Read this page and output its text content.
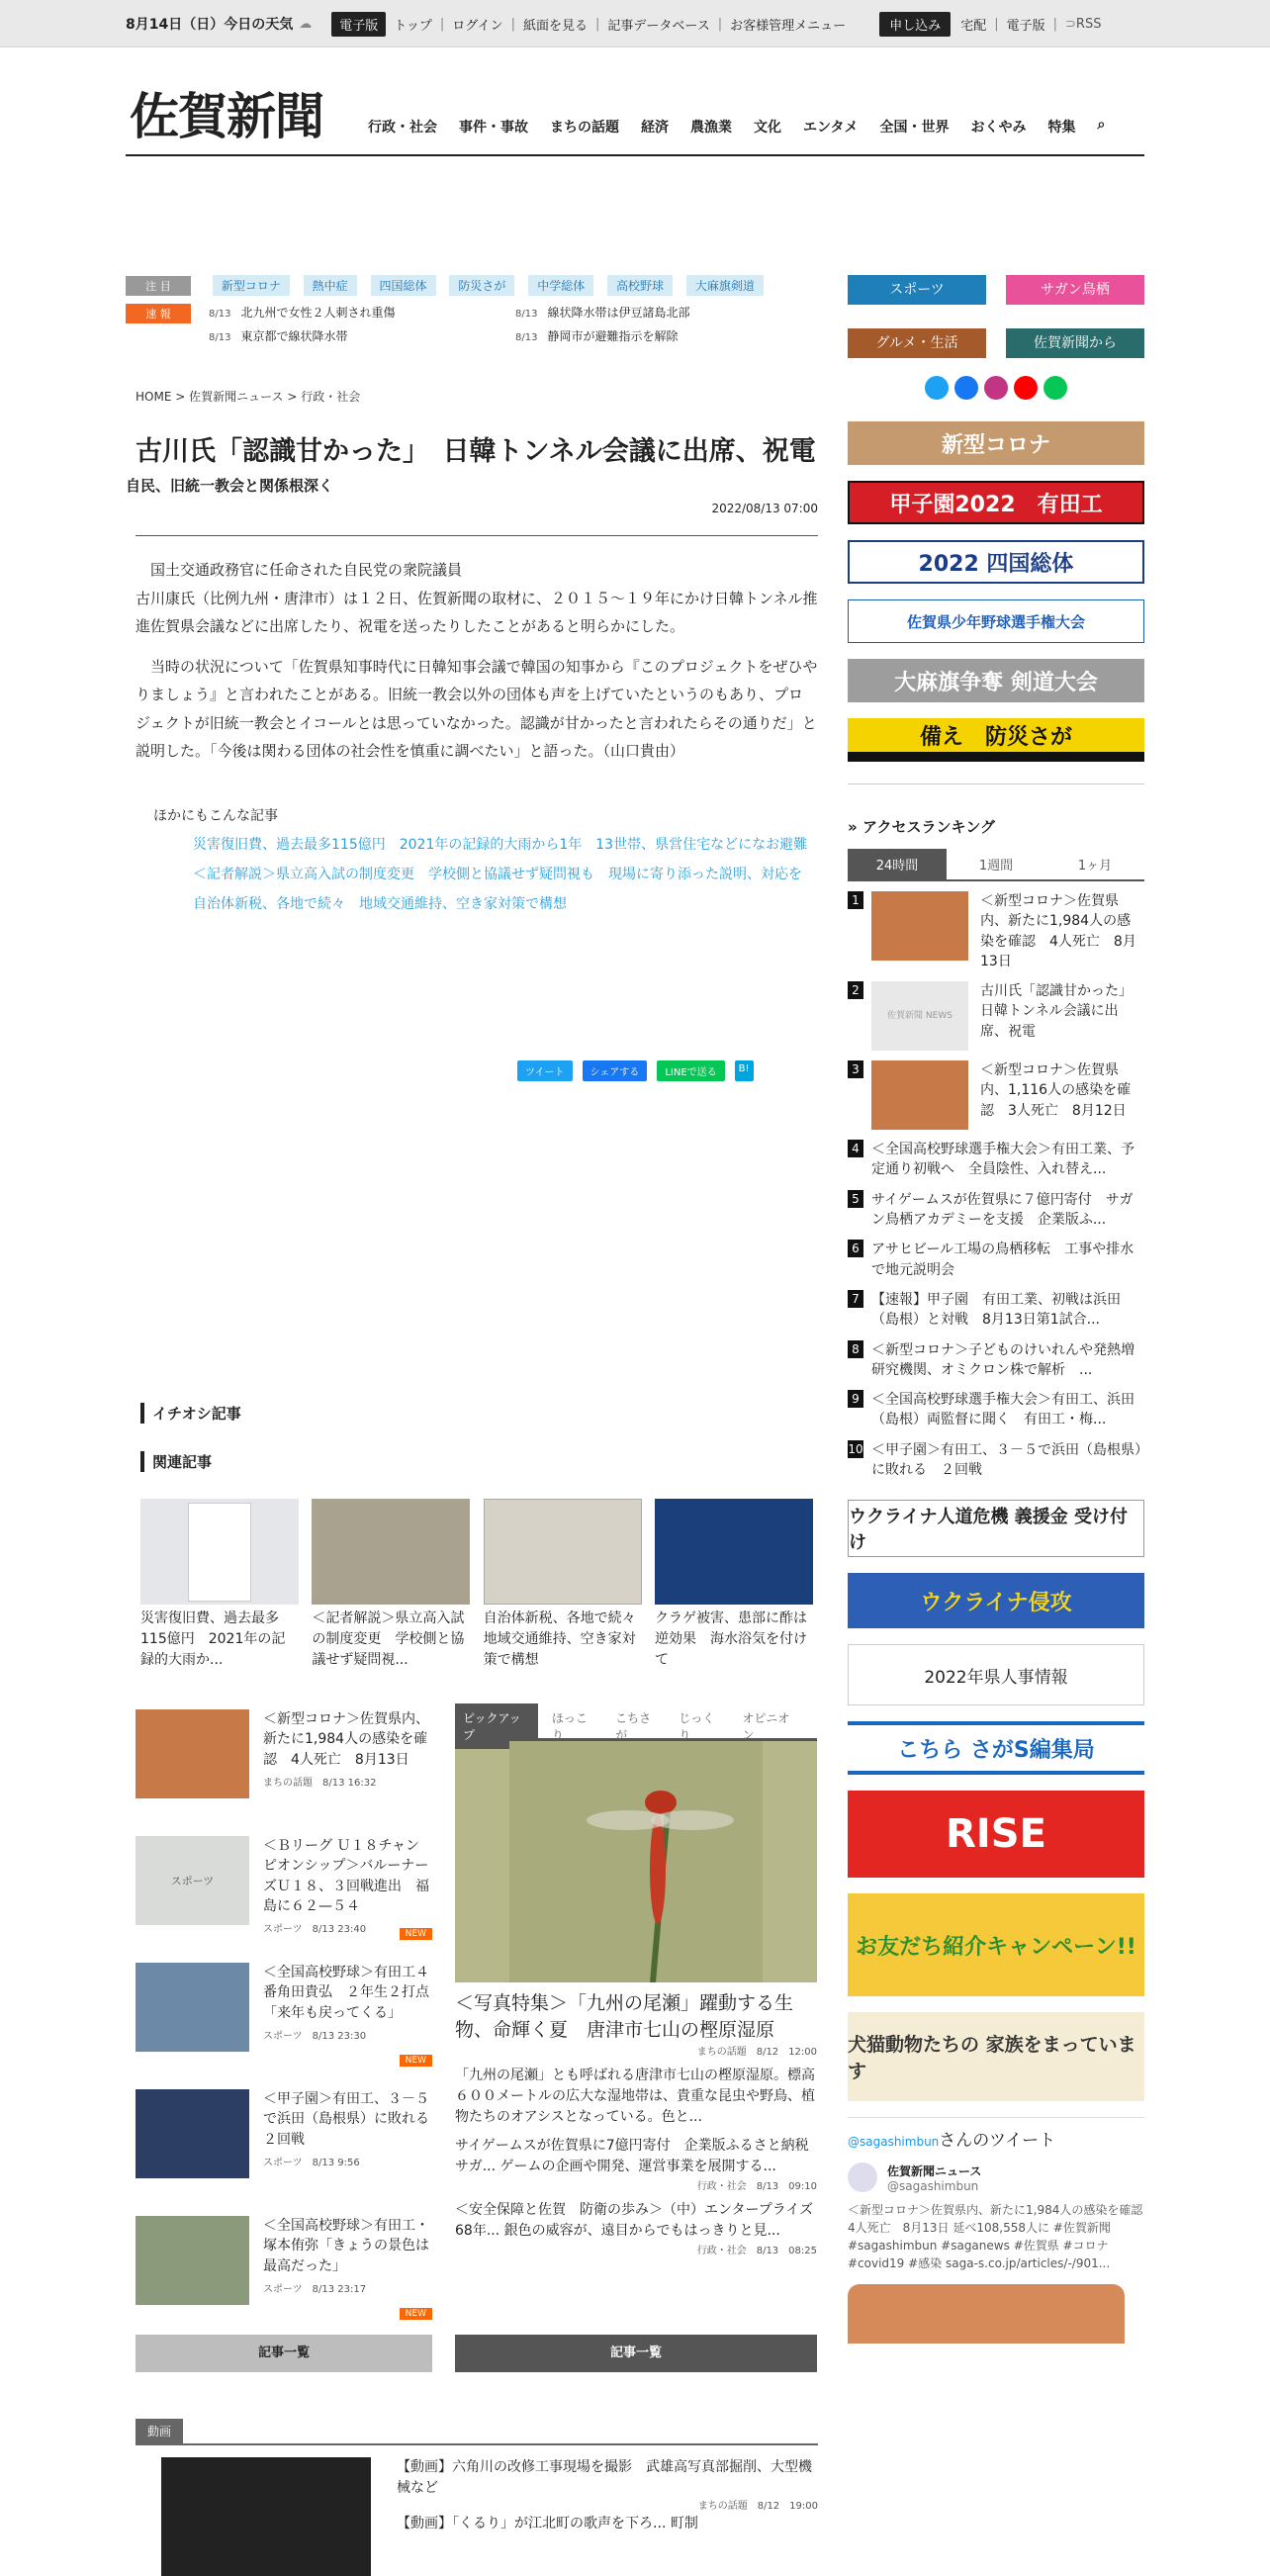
8月14日（日）今日の天気 ☁	電子版	トップ | ログイン | 紙面を見る | 記事データベース | お客様管理メニュー	申し込み	宅配 | 電子版 | ⊃ RSS
佐賀新聞	行政・社会 事件・事故 まちの話題 経済 農漁業 文化 エンタメ 全国・世界 おくやみ 特集 ⌕
注 目	新型コロナ	熱中症	四国総体	防災さが	中学総体	高校野球	大麻旗剣道
速 報	8/13 北九州で女性２人刺され重傷	8/13 線状降水帯は伊豆諸島北部
8/13 東京都で線状降水帯	8/13 静岡市が避難指示を解除
HOME > 佐賀新聞ニュース > 行政・社会
古川氏「認識甘かった」　日韓トンネル会議に出席、祝電
自民、旧統一教会と関係根深く
2022/08/13 07:00

国土交通政務官に任命された自民党の衆院議員

古川康氏（比例九州・唐津市）は１２日、佐賀新聞の取材に、２０１５～１９年にかけ日韓トンネル推進佐賀県会議などに出席したり、祝電を送ったりしたことがあると明らかにした。

当時の状況について「佐賀県知事時代に日韓知事会議で韓国の知事から『このプロジェクトをぜひやりましょう』と言われたことがある。旧統一教会以外の団体も声を上げていたというのもあり、プロジェクトが旧統一教会とイコールとは思っていなかった。認識が甘かったと言われたらその通りだ」と説明した。「今後は関わる団体の社会性を慎重に調べたい」と語った。（山口貴由）

ほかにもこんな記事
災害復旧費、過去最多115億円　2021年の記録的大雨から1年　13世帯、県営住宅などになお避難
＜記者解説＞県立高入試の制度変更　学校側と協議せず疑問視も　現場に寄り添った説明、対応を
自治体新税、各地で続々　地域交通維持、空き家対策で構想
ツイート	シェアする	LINEで送る	B!
イチオシ記事
関連記事

災害復旧費、過去最多115億円　2021年の記録的大雨か...

＜記者解説＞県立高入試の制度変更　学校側と協議せず疑問視...

自治体新税、各地で続々　地域交通維持、空き家対策で構想

クラゲ被害、患部に酢は逆効果　海水浴気を付けて

＜新型コロナ＞佐賀県内、新たに1,984人の感染を確認　4人死亡　8月13日
まちの話題　 8/13 16:32
スポーツ
＜Ｂリーグ Ｕ１８チャンピオンシップ＞バルーナーズＵ１８、３回戦進出　福島に６２—５４
スポーツ　 8/13 23:40	NEW
＜全国高校野球＞有田工４番角田貴弘　２年生２打点「来年も戻ってくる」
スポーツ　 8/13 23:30
NEW
＜甲子園＞有田工、３－５で浜田（島根県）に敗れる　２回戦
スポーツ　 8/13 9:56
＜全国高校野球＞有田工・塚本侑弥「きょうの景色は最高だった」
スポーツ　 8/13 23:17
NEW
ピックアップ
ほっこり
こちさが
じっくり
オピニオン
＜写真特集＞「九州の尾瀬」躍動する生物、命輝く夏　唐津市七山の樫原湿原
まちの話題　8/12　12:00

「九州の尾瀬」とも呼ばれる唐津市七山の樫原湿原。標高６００メートルの広大な湿地帯は、貴重な昆虫や野鳥、植物たちのオアシスとなっている。色と...

サイゲームスが佐賀県に7億円寄付　企業版ふるさと納税　サガ... ゲームの企画や開発、運営事業を展開する...

行政・社会　8/13　09:10

＜安全保障と佐賀　防衛の歩み＞（中）エンタープライズ68年... 銀色の威容が、遠目からでもはっきりと見...

行政・社会　8/13　08:25
記事一覧	記事一覧
動画
【動画】六角川の改修工事現場を撮影　武雄高写真部掘削、大型機械など
まちの話題　8/12　19:00
【動画】「くるり」が江北町の歌声を下ろ... 町制
スポーツ	サガン鳥栖
グルメ・生活	佐賀新聞から
新型コロナ
甲子園2022　有田工
2022 四国総体
佐賀県少年野球選手権大会
大麻旗争奪 剣道大会
備え　防災さが
» アクセスランキング
24時間	1週間	1ヶ月
1	＜新型コロナ＞佐賀県内、新たに1,984人の感染を確認　4人死亡　8月13日
2
佐賀新聞 NEWS
古川氏「認識甘かった」日韓トンネル会議に出席、祝電
3	＜新型コロナ＞佐賀県内、1,116人の感染を確認　3人死亡　8月12日
4 ＜全国高校野球選手権大会＞有田工業、予定通り初戦へ　全員陰性、入れ替え...
5 サイゲームスが佐賀県に７億円寄付　サガン鳥栖アカデミーを支援　企業版ふ...
6 アサヒビール工場の鳥栖移転　工事や排水で地元説明会
7 【速報】甲子園　有田工業、初戦は浜田（島根）と対戦　8月13日第1試合...
8 ＜新型コロナ＞子どものけいれんや発熱増　研究機関、オミクロン株で解析　...
9 ＜全国高校野球選手権大会＞有田工、浜田（島根）両監督に聞く　有田工・梅...
10 ＜甲子園＞有田工、３－５で浜田（島根県）に敗れる　２回戦
ウクライナ人道危機 義援金 受け付け
ウクライナ侵攻
2022年県人事情報
こちら さがS編集局
RISE
お友だち紹介キャンペーン!!
犬猫動物たちの 家族をまっています
@sagashimbunさんのツイート
佐賀新聞ニュース
@sagashimbun
＜新型コロナ＞佐賀県内、新たに1,984人の感染を確認　4人死亡　8月13日 延べ108,558人に #佐賀新聞 #sagashimbun #saganews #佐賀県 #コロナ #covid19 #感染 saga-s.co.jp/articles/-/901...
